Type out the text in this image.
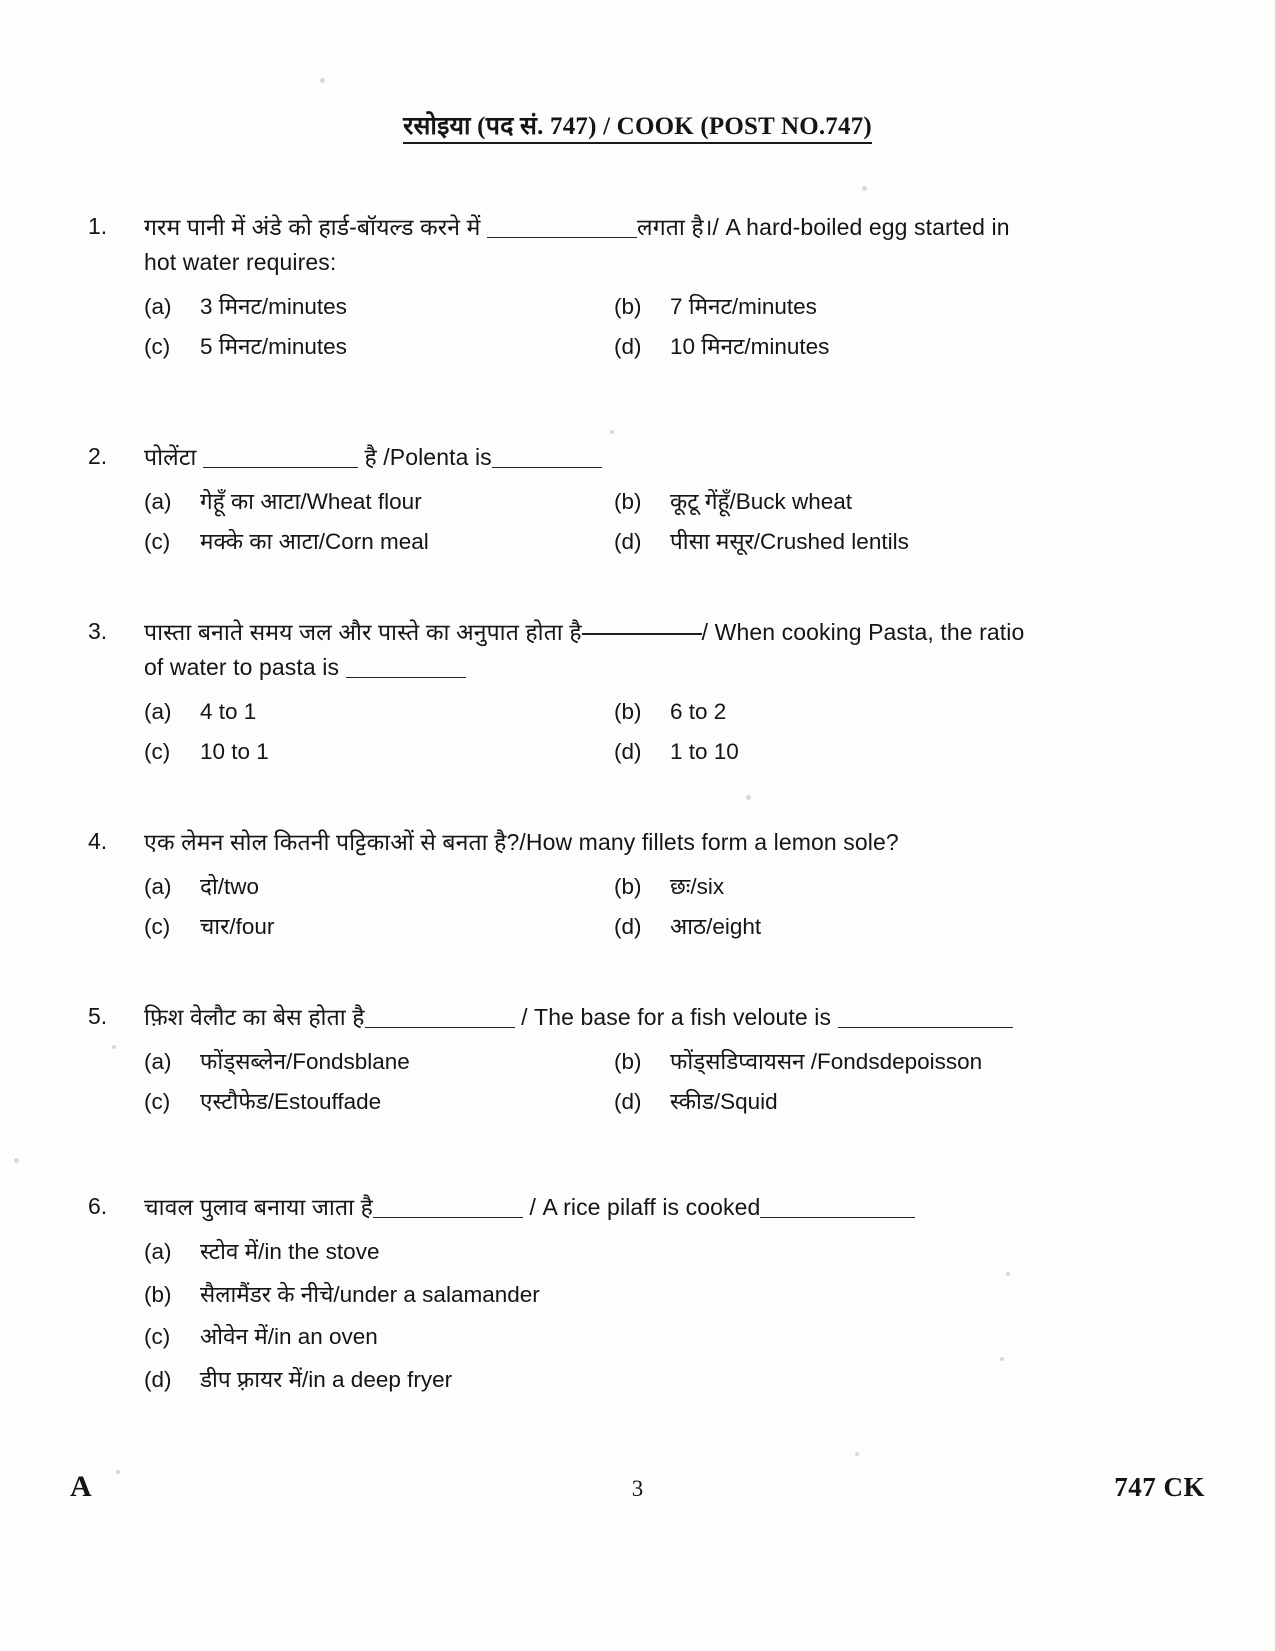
रसोइया (पद सं. 747) / COOK (POST NO.747)
1.	गरम पानी में अंडे को हार्ड-बॉयल्ड करने में	लगता है।/ A hard-boiled egg started in
hot water requires:
(a)	3 मिनट/minutes	(b)	7 मिनट/minutes
(c)	5 मिनट/minutes	(d)	10 मिनट/minutes
2.	पोलेंटा	है /Polenta is
(a)	गेहूँ का आटा/Wheat flour	(b)	कूटू गेंहूँ/Buck wheat
(c)	मक्के का आटा/Corn meal	(d)	पीसा मसूर/Crushed lentils
3.	पास्ता बनाते समय जल और पास्ते का अनुपात होता है	/ When cooking Pasta, the ratio
of water to pasta is
(a)	4 to 1	(b)	6 to 2
(c)	10 to 1	(d)	1 to 10
4.	एक लेमन सोल कितनी पट्टिकाओं से बनता है?/How many fillets form a lemon sole?
(a)	दो/two	(b)	छः/six
(c)	चार/four	(d)	आठ/eight
5.	फ़िश वेलौट का बेस होता है	/ The base for a fish veloute is
(a)	फोंड्सब्लेन/Fondsblane	(b)	फोंड्सडिप्वायसन /Fondsdepoisson
(c)	एस्टौफेड/Estouffade	(d)	स्कीड/Squid
6.	चावल पुलाव बनाया जाता है	/ A rice pilaff is cooked
(a)	स्टोव में/in the stove
(b)	सैलामैंडर के नीचे/under a salamander
(c)	ओवेन में/in an oven
(d)	डीप फ़्रायर में/in a deep fryer
A	3	747 CK
